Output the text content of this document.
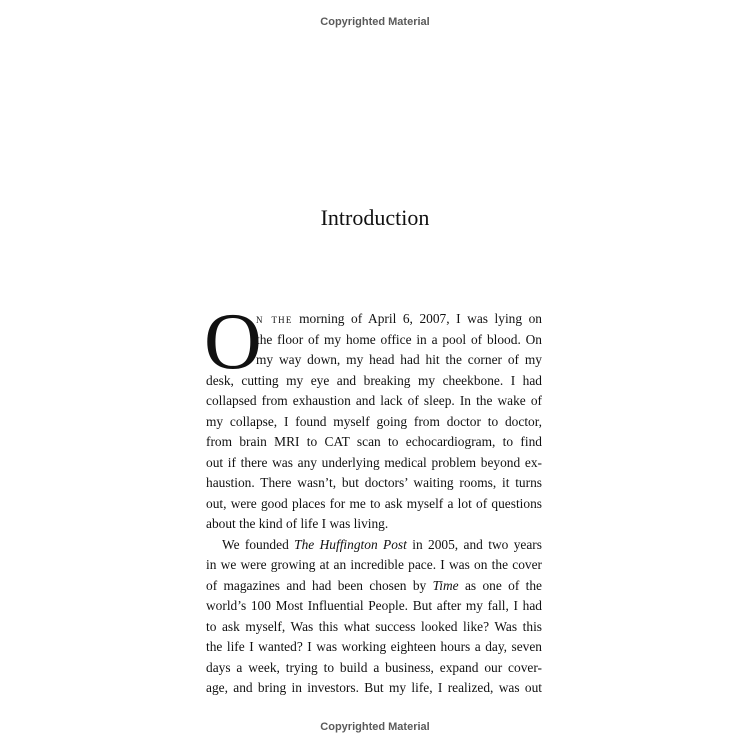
Copyrighted Material
Introduction
O
n the morning of April 6, 2007, I was lying on
the floor of my home office in a pool of blood. On
my way down, my head had hit the corner of my
desk, cutting my eye and breaking my cheekbone. I had
collapsed from exhaustion and lack of sleep. In the wake of
my collapse, I found myself going from doctor to doctor,
from brain MRI to CAT scan to echocardiogram, to find
out if there was any underlying medical problem beyond ex-
haustion. There wasn’t, but doctors’ waiting rooms, it turns
out, were good places for me to ask myself a lot of questions
about the kind of life I was living.
We founded The Huffington Post in 2005, and two years
in we were growing at an incredible pace. I was on the cover
of magazines and had been chosen by Time as one of the
world’s 100 Most Influential People. But after my fall, I had
to ask myself, Was this what success looked like? Was this
the life I wanted? I was working eighteen hours a day, seven
days a week, trying to build a business, expand our cover-
age, and bring in investors. But my life, I realized, was out
Copyrighted Material
